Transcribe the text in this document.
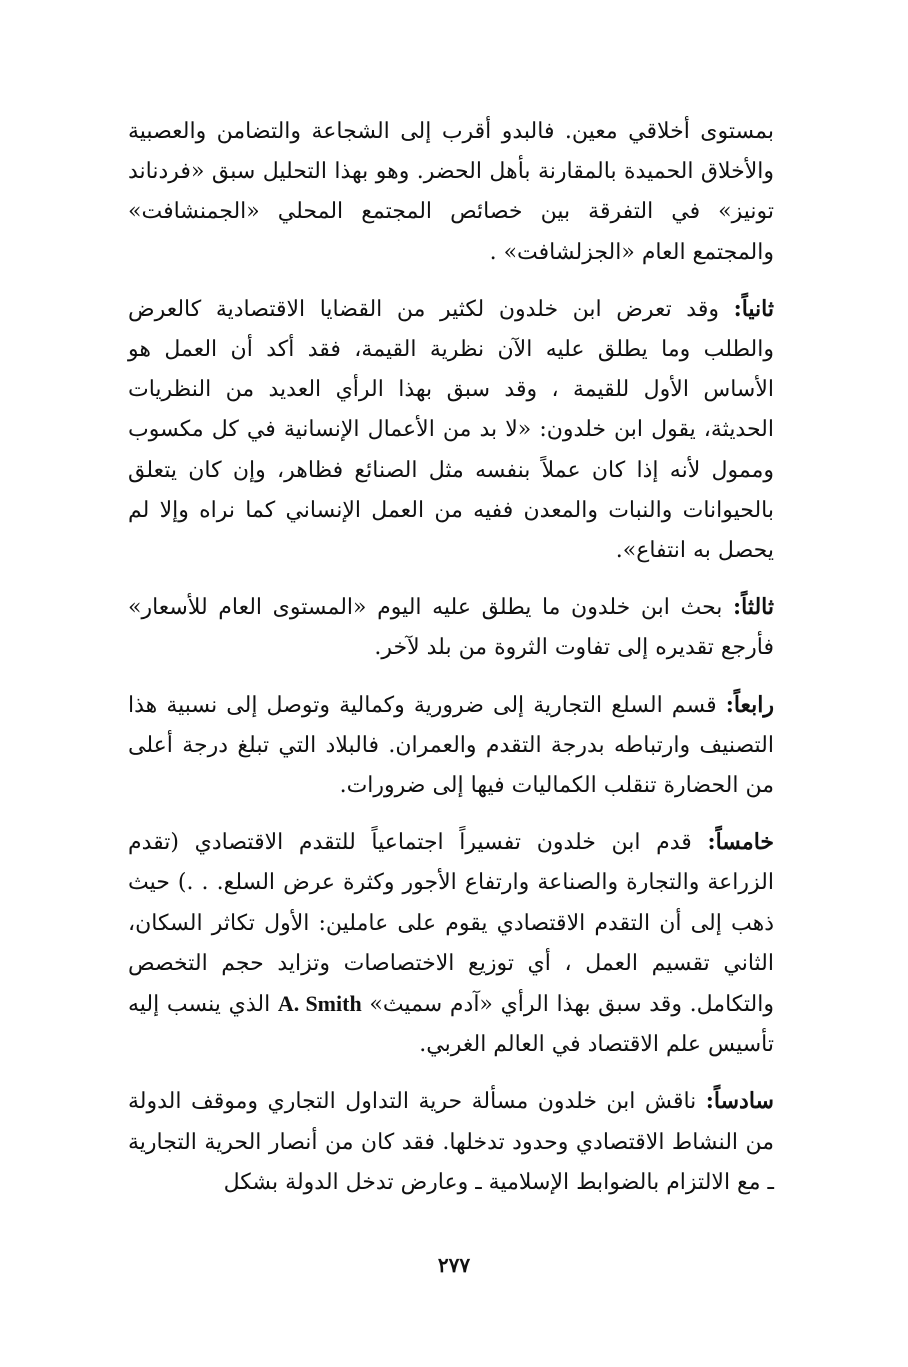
بمستوى أخلاقي معين. فالبدو أقرب إلى الشجاعة والتضامن والعصبية والأخلاق الحميدة بالمقارنة بأهل الحضر. وهو بهذا التحليل سبق «فردناند تونيز» في التفرقة بين خصائص المجتمع المحلي «الجمنشافت» والمجتمع العام «الجزلشافت» .

ثانياً: وقد تعرض ابن خلدون لكثير من القضايا الاقتصادية كالعرض والطلب وما يطلق عليه الآن نظرية القيمة، فقد أكد أن العمل هو الأساس الأول للقيمة ، وقد سبق بهذا الرأي العديد من النظريات الحديثة، يقول ابن خلدون: «لا بد من الأعمال الإنسانية في كل مكسوب وممول لأنه إذا كان عملاً بنفسه مثل الصنائع فظاهر، وإن كان يتعلق بالحيوانات والنبات والمعدن ففيه من العمل الإنساني كما نراه وإلا لم يحصل به انتفاع».

ثالثاً: بحث ابن خلدون ما يطلق عليه اليوم «المستوى العام للأسعار» فأرجع تقديره إلى تفاوت الثروة من بلد لآخر.

رابعاً: قسم السلع التجارية إلى ضرورية وكمالية وتوصل إلى نسبية هذا التصنيف وارتباطه بدرجة التقدم والعمران. فالبلاد التي تبلغ درجة أعلى من الحضارة تنقلب الكماليات فيها إلى ضرورات.

خامساً: قدم ابن خلدون تفسيراً اجتماعياً للتقدم الاقتصادي (تقدم الزراعة والتجارة والصناعة وارتفاع الأجور وكثرة عرض السلع. . .) حيث ذهب إلى أن التقدم الاقتصادي يقوم على عاملين: الأول تكاثر السكان، الثاني تقسيم العمل ، أي توزيع الاختصاصات وتزايد حجم التخصص والتكامل. وقد سبق بهذا الرأي «آدم سميث» A. Smith الذي ينسب إليه تأسيس علم الاقتصاد في العالم الغربي.

سادساً: ناقش ابن خلدون مسألة حرية التداول التجاري وموقف الدولة من النشاط الاقتصادي وحدود تدخلها. فقد كان من أنصار الحرية التجارية ـ مع الالتزام بالضوابط الإسلامية ـ وعارض تدخل الدولة بشكل

٢٧٧
